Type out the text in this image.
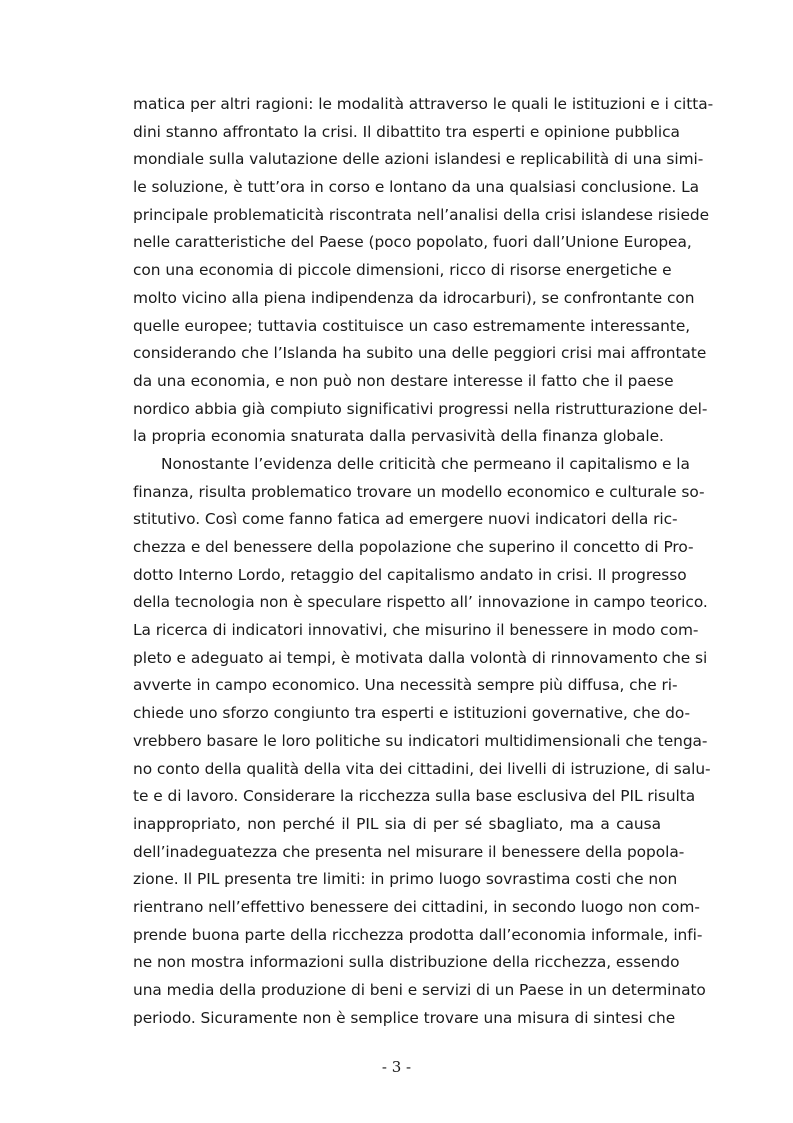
matica per altri ragioni: le modalità attraverso le quali le istituzioni e i citta-
dini stanno affrontato la crisi. Il dibattito tra esperti e opinione pubblica
mondiale sulla valutazione delle azioni islandesi e replicabilità di una simi-
le soluzione, è tutt’ora in corso e lontano da una qualsiasi conclusione. La
principale problematicità riscontrata nell’analisi della crisi islandese risiede
nelle caratteristiche del Paese (poco popolato, fuori dall’Unione Europea,
con una economia di piccole dimensioni, ricco di risorse energetiche e
molto vicino alla piena indipendenza da idrocarburi), se confrontante con
quelle europee; tuttavia costituisce un caso estremamente interessante,
considerando che l’Islanda ha subito una delle peggiori crisi mai affrontate
da una economia, e non può non destare interesse il fatto che il paese
nordico abbia già compiuto significativi progressi nella ristrutturazione del-
la propria economia snaturata dalla pervasività della finanza globale.
Nonostante l’evidenza delle criticità che permeano il capitalismo e la
finanza, risulta problematico trovare un modello economico e culturale so-
stitutivo. Così come fanno fatica ad emergere nuovi indicatori della ric-
chezza e del benessere della popolazione che superino il concetto di Pro-
dotto Interno Lordo, retaggio del capitalismo andato in crisi. Il progresso
della tecnologia non è speculare rispetto all’ innovazione in campo teorico.
La ricerca di indicatori innovativi, che misurino il benessere in modo com-
pleto e adeguato ai tempi, è motivata dalla volontà di rinnovamento che si
avverte in campo economico. Una necessità sempre più diffusa, che ri-
chiede uno sforzo congiunto tra esperti e istituzioni governative, che do-
vrebbero basare le loro politiche su indicatori multidimensionali che tenga-
no conto della qualità della vita dei cittadini, dei livelli di istruzione, di salu-
te e di lavoro. Considerare la ricchezza sulla base esclusiva del PIL risulta
inappropriato, non perché il PIL sia di per sé sbagliato, ma a causa
dell’inadeguatezza che presenta nel misurare il benessere della popola-
zione. Il PIL presenta tre limiti: in primo luogo sovrastima costi che non
rientrano nell’effettivo benessere dei cittadini, in secondo luogo non com-
prende buona parte della ricchezza prodotta dall’economia informale, infi-
ne non mostra informazioni sulla distribuzione della ricchezza, essendo
una media della produzione di beni e servizi di un Paese in un determinato
periodo. Sicuramente non è semplice trovare una misura di sintesi che
- 3 -
